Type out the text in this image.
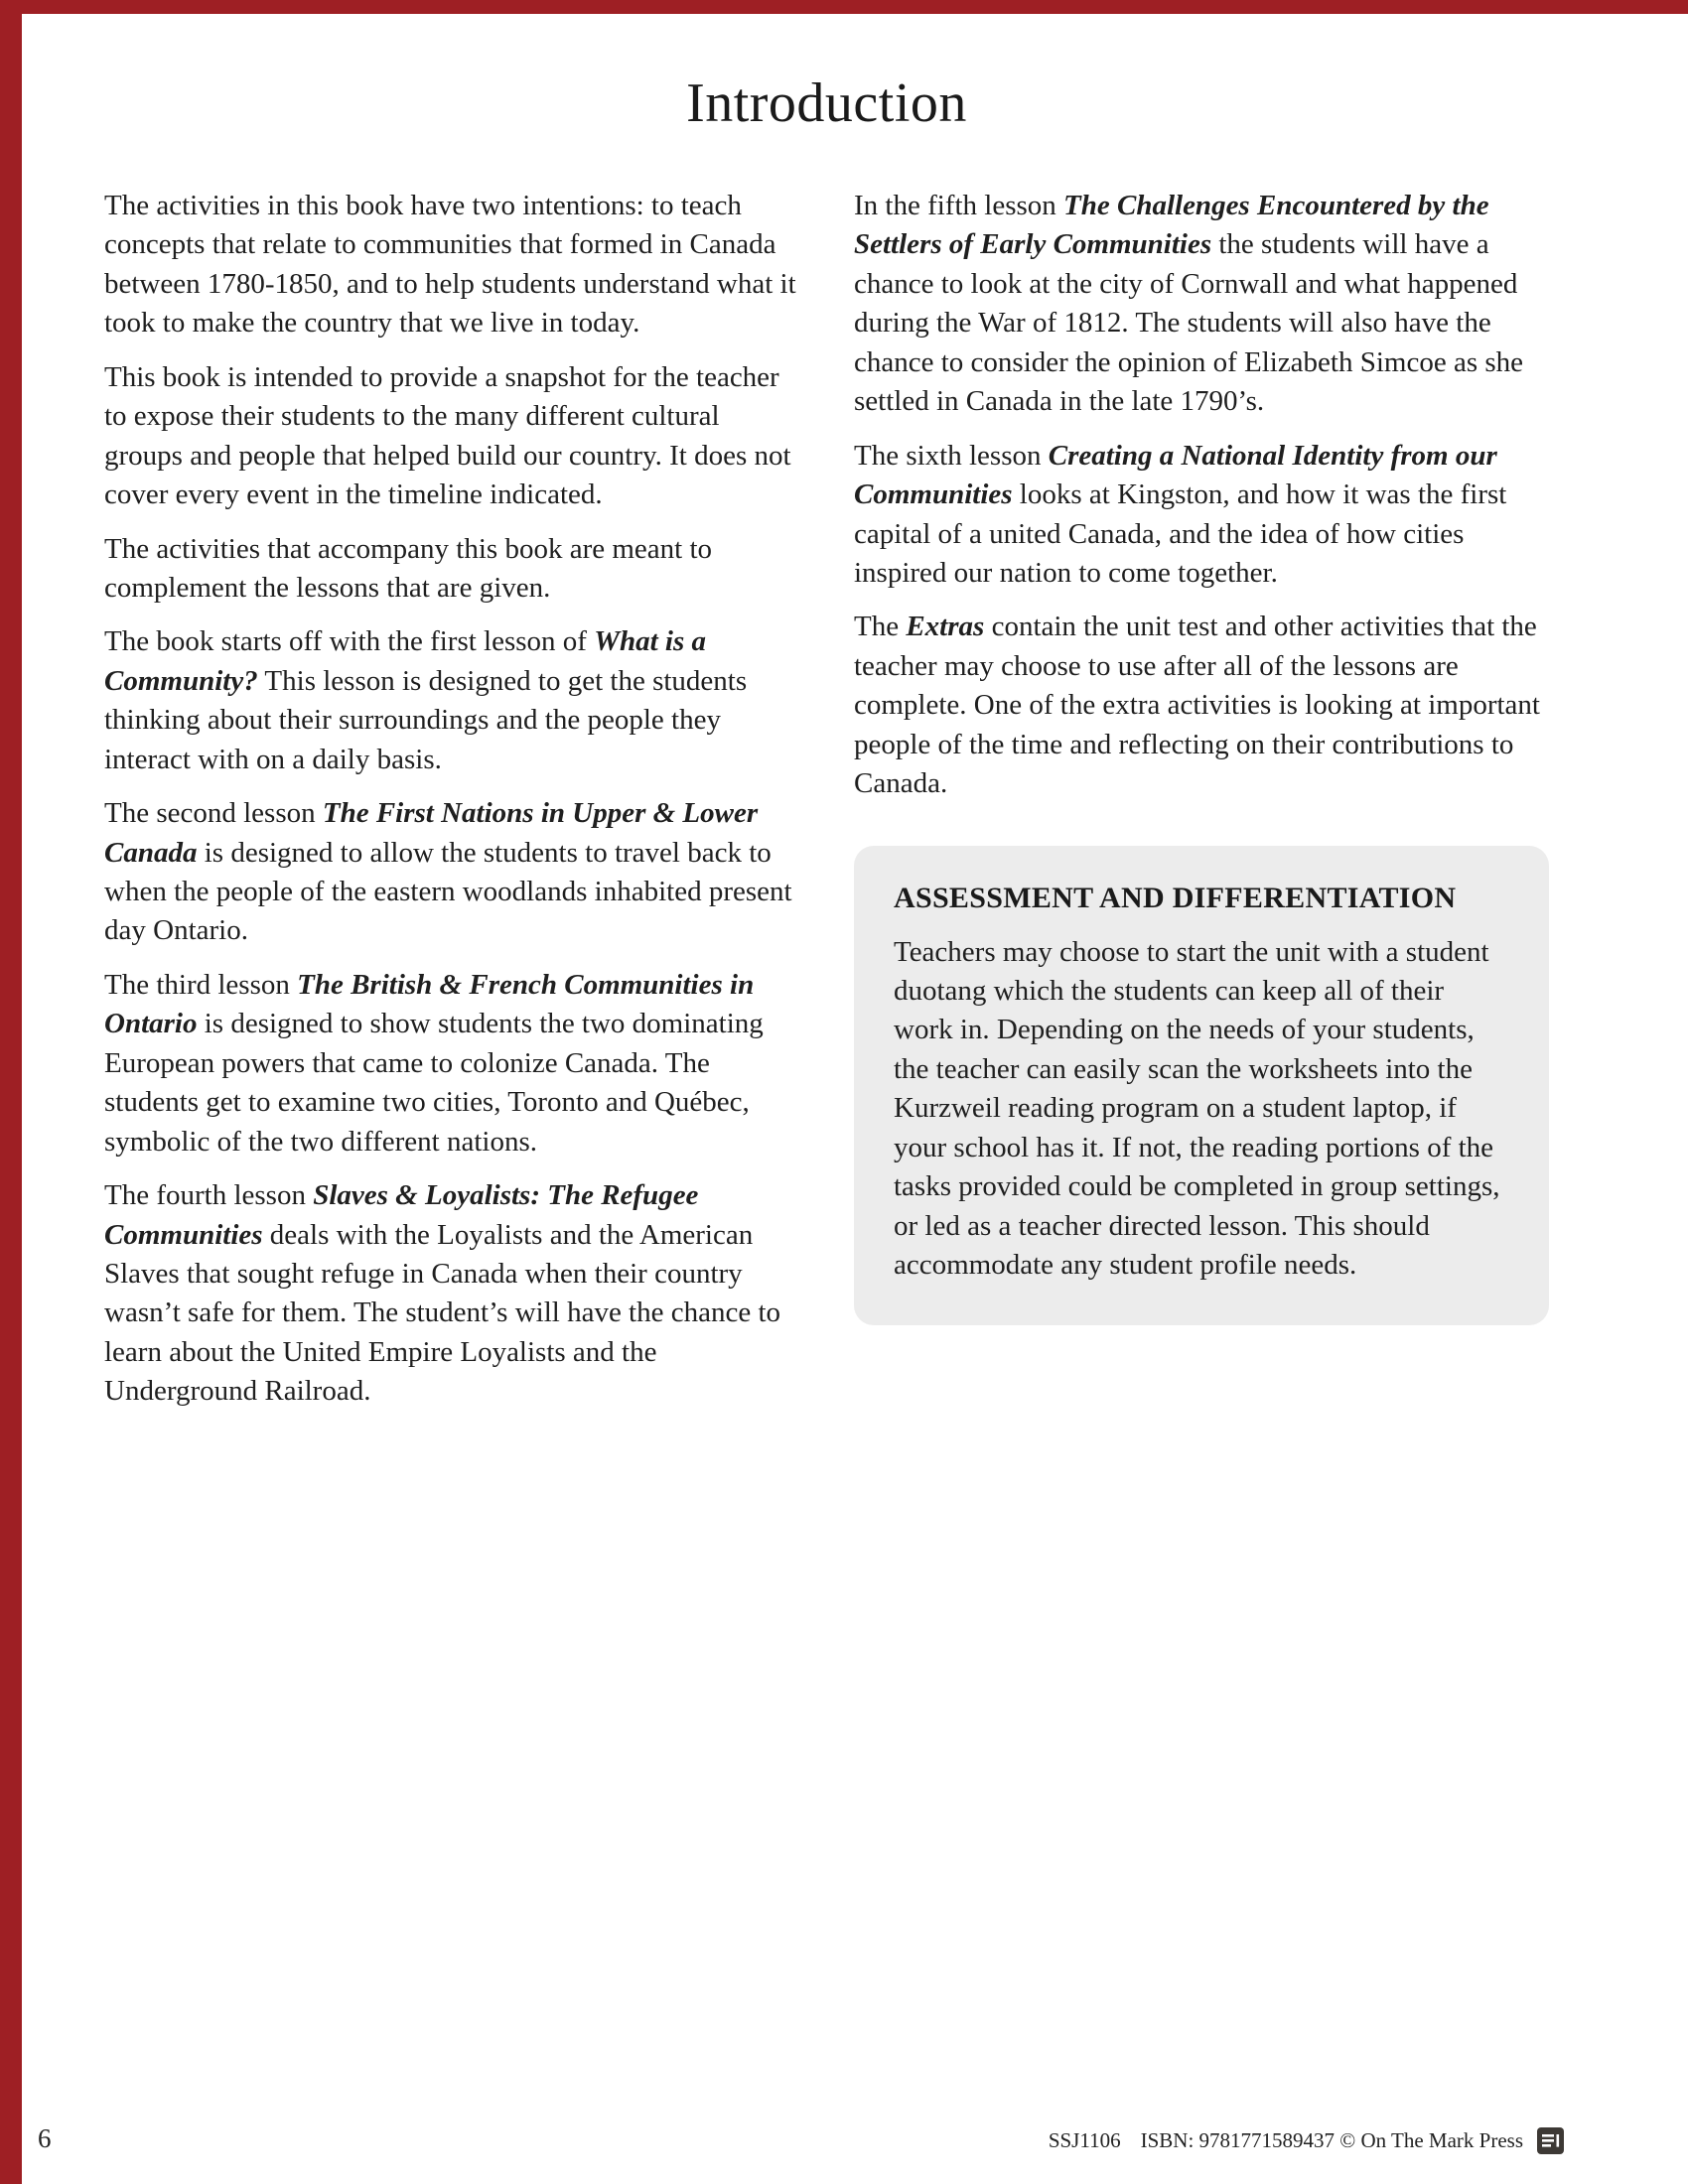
Introduction

The activities in this book have two intentions: to teach concepts that relate to communities that formed in Canada between 1780-1850, and to help students understand what it took to make the country that we live in today.

This book is intended to provide a snapshot for the teacher to expose their students to the many different cultural groups and people that helped build our country. It does not cover every event in the timeline indicated.

The activities that accompany this book are meant to complement the lessons that are given.

The book starts off with the first lesson of What is a Community? This lesson is designed to get the students thinking about their surroundings and the people they interact with on a daily basis.

The second lesson The First Nations in Upper & Lower Canada is designed to allow the students to travel back to when the people of the eastern woodlands inhabited present day Ontario.

The third lesson The British & French Communities in Ontario is designed to show students the two dominating European powers that came to colonize Canada. The students get to examine two cities, Toronto and Québec, symbolic of the two different nations.

The fourth lesson Slaves & Loyalists: The Refugee Communities deals with the Loyalists and the American Slaves that sought refuge in Canada when their country wasn’t safe for them. The student’s will have the chance to learn about the United Empire Loyalists and the Underground Railroad.

In the fifth lesson The Challenges Encountered by the Settlers of Early Communities the students will have a chance to look at the city of Cornwall and what happened during the War of 1812. The students will also have the chance to consider the opinion of Elizabeth Simcoe as she settled in Canada in the late 1790’s.

The sixth lesson Creating a National Identity from our Communities looks at Kingston, and how it was the first capital of a united Canada, and the idea of how cities inspired our nation to come together.

The Extras contain the unit test and other activities that the teacher may choose to use after all of the lessons are complete. One of the extra activities is looking at important people of the time and reflecting on their contributions to Canada.

ASSESSMENT AND DIFFERENTIATION

Teachers may choose to start the unit with a student duotang which the students can keep all of their work in. Depending on the needs of your students, the teacher can easily scan the worksheets into the Kurzweil reading program on a student laptop, if your school has it. If not, the reading portions of the tasks provided could be completed in group settings, or led as a teacher directed lesson. This should accommodate any student profile needs.

6	SSJ1106 ISBN: 9781771589437 © On The Mark Press
